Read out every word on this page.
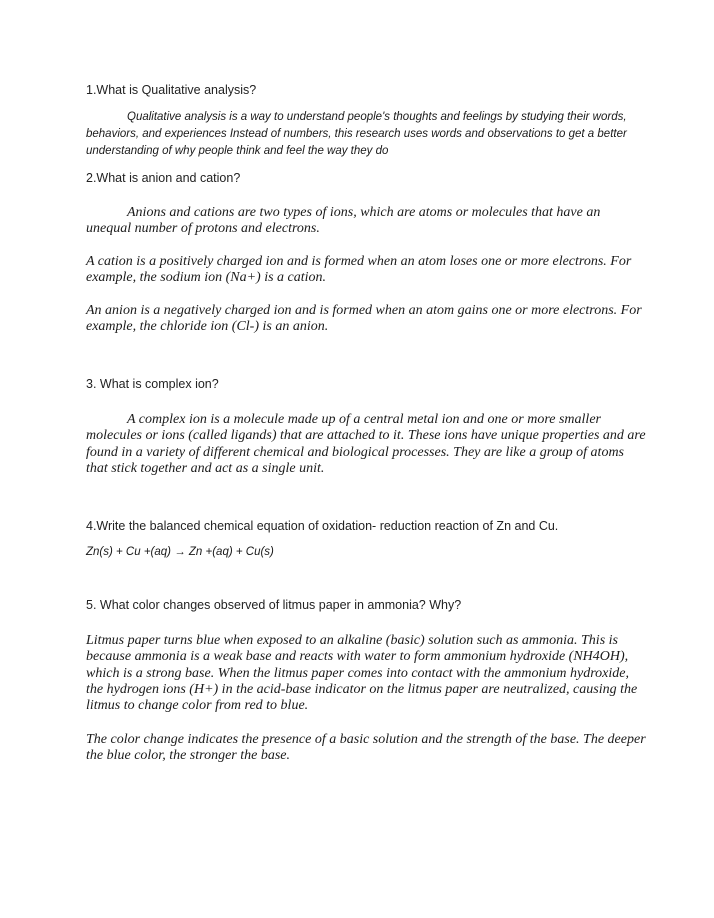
1.What is Qualitative analysis?
Qualitative analysis is a way to understand people's thoughts and feelings by studying their words, behaviors, and experiences Instead of numbers, this research uses words and observations to get a better understanding of why people think and feel the way they do
2.What is anion and cation?
Anions and cations are two types of ions, which are atoms or molecules that have an unequal number of protons and electrons.
A cation is a positively charged ion and is formed when an atom loses one or more electrons. For example, the sodium ion (Na+) is a cation.
An anion is a negatively charged ion and is formed when an atom gains one or more electrons. For example, the chloride ion (Cl-) is an anion.
3. What is complex ion?
A complex ion is a molecule made up of a central metal ion and one or more smaller molecules or ions (called ligands) that are attached to it. These ions have unique properties and are found in a variety of different chemical and biological processes. They are like a group of atoms that stick together and act as a single unit.
4.Write the balanced chemical equation of oxidation- reduction reaction of Zn and Cu.
Zn(s) + Cu +(aq) → Zn +(aq) + Cu(s)
5. What color changes observed of litmus paper in ammonia? Why?
Litmus paper turns blue when exposed to an alkaline (basic) solution such as ammonia. This is because ammonia is a weak base and reacts with water to form ammonium hydroxide (NH4OH), which is a strong base. When the litmus paper comes into contact with the ammonium hydroxide, the hydrogen ions (H+) in the acid-base indicator on the litmus paper are neutralized, causing the litmus to change color from red to blue.
The color change indicates the presence of a basic solution and the strength of the base. The deeper the blue color, the stronger the base.
